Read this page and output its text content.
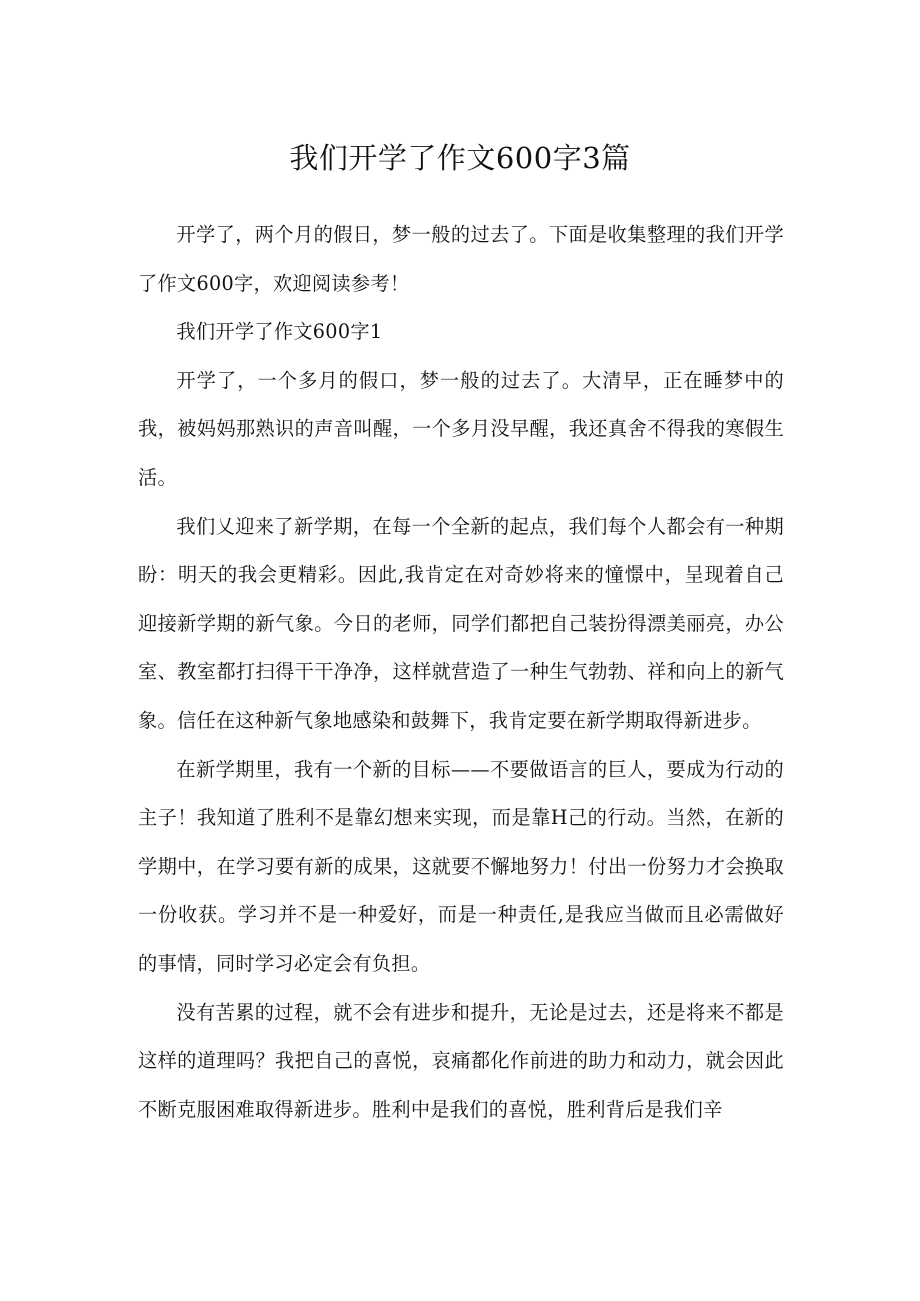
我们开学了作文600字3篇

开学了，两个月的假日，梦一般的过去了。下面是收集整理的我们开学了作文600字，欢迎阅读参考！

我们开学了作文600字1

开学了，一个多月的假口，梦一般的过去了。大清早，正在睡梦中的我，被妈妈那熟识的声音叫醒，一个多月没早醒，我还真舍不得我的寒假生活。

我们乂迎来了新学期，在每一个全新的起点，我们每个人都会有一种期盼：明天的我会更精彩。因此,我肯定在对奇妙将来的憧憬中，呈现着自己迎接新学期的新气象。今日的老师，同学们都把自己装扮得漂美丽亮，办公室、教室都打扫得干干净净，这样就营造了一种生气勃勃、祥和向上的新气象。信任在这种新气象地感染和鼓舞下，我肯定要在新学期取得新进步。

在新学期里，我有一个新的目标——不要做语言的巨人，要成为行动的主子！我知道了胜利不是靠幻想来实现，而是靠H己的行动。当然，在新的学期中，在学习要有新的成果，这就要不懈地努力！付出一份努力才会换取一份收获。学习并不是一种爱好，而是一种责任,是我应当做而且必需做好的事情，同时学习必定会有负担。

没有苦累的过程，就不会有进步和提升，无论是过去，还是将来不都是这样的道理吗？我把自己的喜悦，哀痛都化作前进的助力和动力，就会因此不断克服困难取得新进步。胜利中是我们的喜悦，胜利背后是我们辛
